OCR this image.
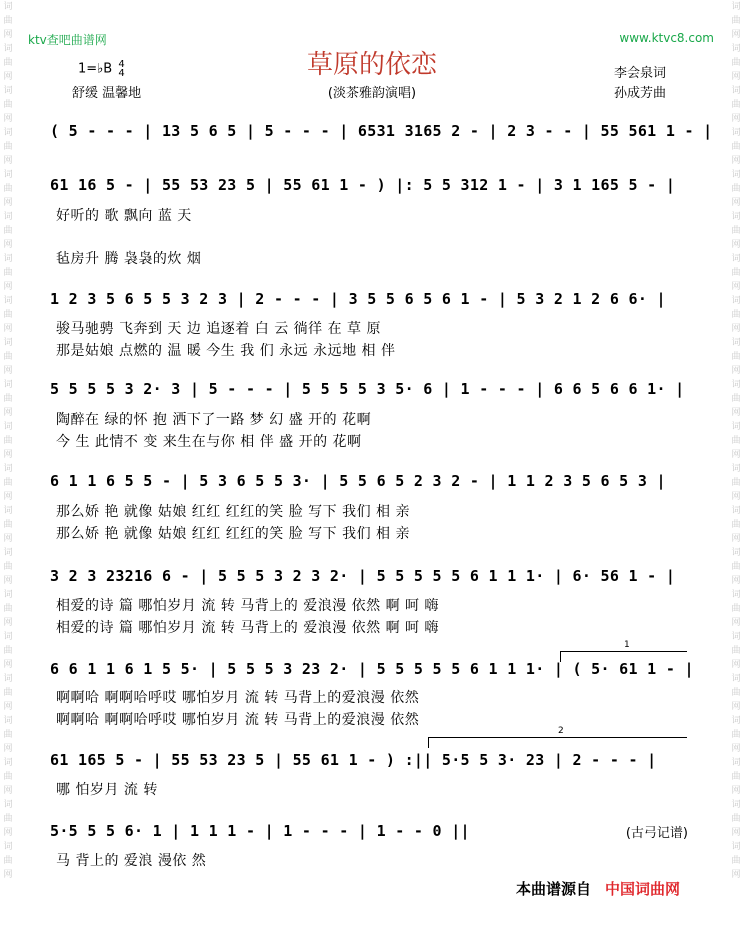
词曲网词曲网词曲网词曲网词曲网词曲网词曲网词曲网词曲网词曲网词曲网词曲网词曲网词曲网词曲网词曲网词曲网词曲网词曲网词曲网词曲网
词曲网词曲网词曲网词曲网词曲网词曲网词曲网词曲网词曲网词曲网词曲网词曲网词曲网词曲网词曲网词曲网词曲网词曲网词曲网词曲网词曲网
ktv查吧曲谱网	www.ktvc8.com
草原的依恋
(淡茶雅韵演唱)
1=♭B 4
4
舒缓 温馨地
李会泉词
孙成芳曲
( 5 - - - | 13 5 6 5 | 5 - - - | 6531 3165 2 - | 2 3 - - | 55 561 1 - |
61 16 5 - | 55 53 23 5 | 55 61 1 - ) |: 5 5 312 1 - | 3 1 165 5 - |
好听的 歌 飘向 蓝 天
毡房升 腾 袅袅的炊 烟
1 2 3 5 6 5 5 3 2 3 | 2 - - - | 3 5 5 6 5 6 1 - | 5 3 2 1 2 6 6· |
骏马驰骋 飞奔到 天 边 追逐着 白 云 徜徉 在 草 原
那是姑娘 点燃的 温 暖 今生 我 们 永远 永远地 相 伴
5 5 5 5 3 2· 3 | 5 - - - | 5 5 5 5 3 5· 6 | 1 - - - | 6 6 5 6 6 1· |
陶醉在 绿的怀 抱 洒下了一路 梦 幻 盛 开的 花啊
今 生 此情不 变 来生在与你 相 伴 盛 开的 花啊
6 1 1 6 5 5 - | 5 3 6 5 5 3· | 5 5 6 5 2 3 2 - | 1 1 2 3 5 6 5 3 |
那么娇 艳 就像 姑娘 红红 红红的笑 脸 写下 我们 相 亲
那么娇 艳 就像 姑娘 红红 红红的笑 脸 写下 我们 相 亲
3 2 3 23216 6 - | 5 5 5 3 2 3 2· | 5 5 5 5 5 6 1 1 1· | 6· 56 1 - |
相爱的诗 篇 哪怕岁月 流 转 马背上的 爱浪漫 依然 啊 呵 嗨
相爱的诗 篇 哪怕岁月 流 转 马背上的 爱浪漫 依然 啊 呵 嗨
1
6 6 1 1 6 1 5 5· | 5 5 5 3 23 2· | 5 5 5 5 5 6 1 1 1· | ( 5· 61 1 - |
啊啊哈 啊啊哈呼哎 哪怕岁月 流 转 马背上的爱浪漫 依然
啊啊哈 啊啊哈呼哎 哪怕岁月 流 转 马背上的爱浪漫 依然
2
61 165 5 - | 55 53 23 5 | 55 61 1 - ) :|| 5·5 5 3· 23 | 2 - - - |
哪 怕岁月 流 转
5·5 5 5 6· 1 | 1 1 1 - | 1 - - - | 1 - - 0 ||
马 背上的 爱浪 漫依 然
(古弓记谱)
本曲谱源自 中国词曲网
